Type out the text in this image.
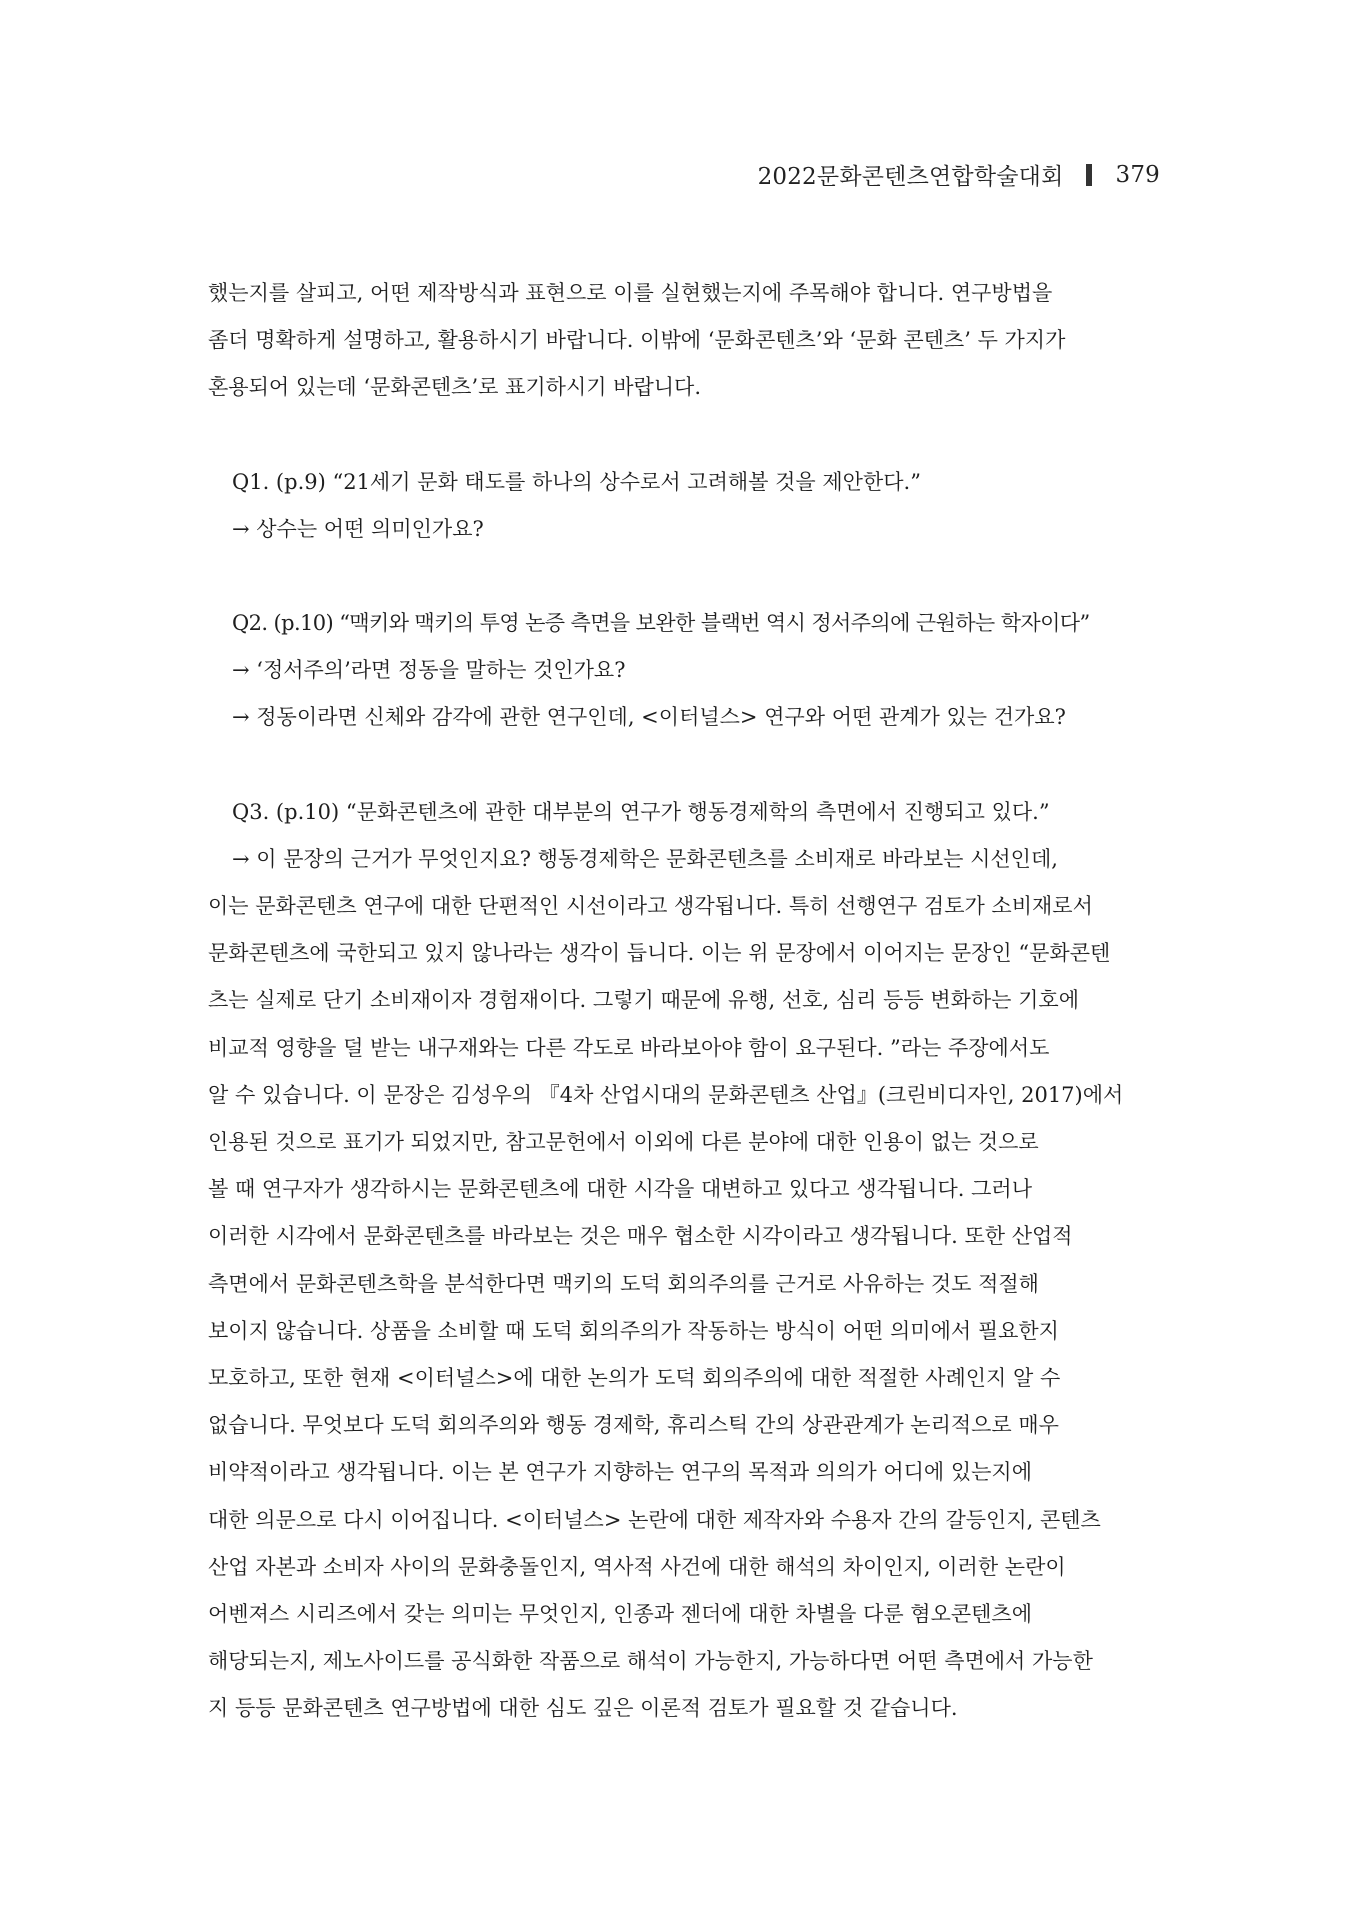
2022문화콘텐츠연합학술대회 379

했는지를 살피고, 어떤 제작방식과 표현으로 이를 실현했는지에 주목해야 합니다. 연구방법을
좀더 명확하게 설명하고, 활용하시기 바랍니다. 이밖에 ‘문화콘텐츠’와 ‘문화 콘텐츠’ 두 가지가
혼용되어 있는데 ‘문화콘텐츠’로 표기하시기 바랍니다.

Q1. (p.9) “21세기 문화 태도를 하나의 상수로서 고려해볼 것을 제안한다.”
→ 상수는 어떤 의미인가요?

Q2. (p.10) “맥키와 맥키의 투영 논증 측면을 보완한 블랙번 역시 정서주의에 근원하는 학자이다”
→ ‘정서주의’라면 정동을 말하는 것인가요?
→ 정동이라면 신체와 감각에 관한 연구인데, <이터널스> 연구와 어떤 관계가 있는 건가요?

Q3. (p.10) “문화콘텐츠에 관한 대부분의 연구가 행동경제학의 측면에서 진행되고 있다.”
→ 이 문장의 근거가 무엇인지요? 행동경제학은 문화콘텐츠를 소비재로 바라보는 시선인데,
이는 문화콘텐츠 연구에 대한 단편적인 시선이라고 생각됩니다. 특히 선행연구 검토가 소비재로서
문화콘텐츠에 국한되고 있지 않나라는 생각이 듭니다. 이는 위 문장에서 이어지는 문장인 “문화콘텐
츠는 실제로 단기 소비재이자 경험재이다. 그렇기 때문에 유행, 선호, 심리 등등 변화하는 기호에
비교적 영향을 덜 받는 내구재와는 다른 각도로 바라보아야 함이 요구된다. ”라는 주장에서도
알 수 있습니다. 이 문장은 김성우의 『4차 산업시대의 문화콘텐츠 산업』(크린비디자인, 2017)에서
인용된 것으로 표기가 되었지만, 참고문헌에서 이외에 다른 분야에 대한 인용이 없는 것으로
볼 때 연구자가 생각하시는 문화콘텐츠에 대한 시각을 대변하고 있다고 생각됩니다. 그러나
이러한 시각에서 문화콘텐츠를 바라보는 것은 매우 협소한 시각이라고 생각됩니다. 또한 산업적
측면에서 문화콘텐츠학을 분석한다면 맥키의 도덕 회의주의를 근거로 사유하는 것도 적절해
보이지 않습니다. 상품을 소비할 때 도덕 회의주의가 작동하는 방식이 어떤 의미에서 필요한지
모호하고, 또한 현재 <이터널스>에 대한 논의가 도덕 회의주의에 대한 적절한 사례인지 알 수
없습니다. 무엇보다 도덕 회의주의와 행동 경제학, 휴리스틱 간의 상관관계가 논리적으로 매우
비약적이라고 생각됩니다. 이는 본 연구가 지향하는 연구의 목적과 의의가 어디에 있는지에
대한 의문으로 다시 이어집니다. <이터널스> 논란에 대한 제작자와 수용자 간의 갈등인지, 콘텐츠
산업 자본과 소비자 사이의 문화충돌인지, 역사적 사건에 대한 해석의 차이인지, 이러한 논란이
어벤져스 시리즈에서 갖는 의미는 무엇인지, 인종과 젠더에 대한 차별을 다룬 혐오콘텐츠에
해당되는지, 제노사이드를 공식화한 작품으로 해석이 가능한지, 가능하다면 어떤 측면에서 가능한
지 등등 문화콘텐츠 연구방법에 대한 심도 깊은 이론적 검토가 필요할 것 같습니다.
